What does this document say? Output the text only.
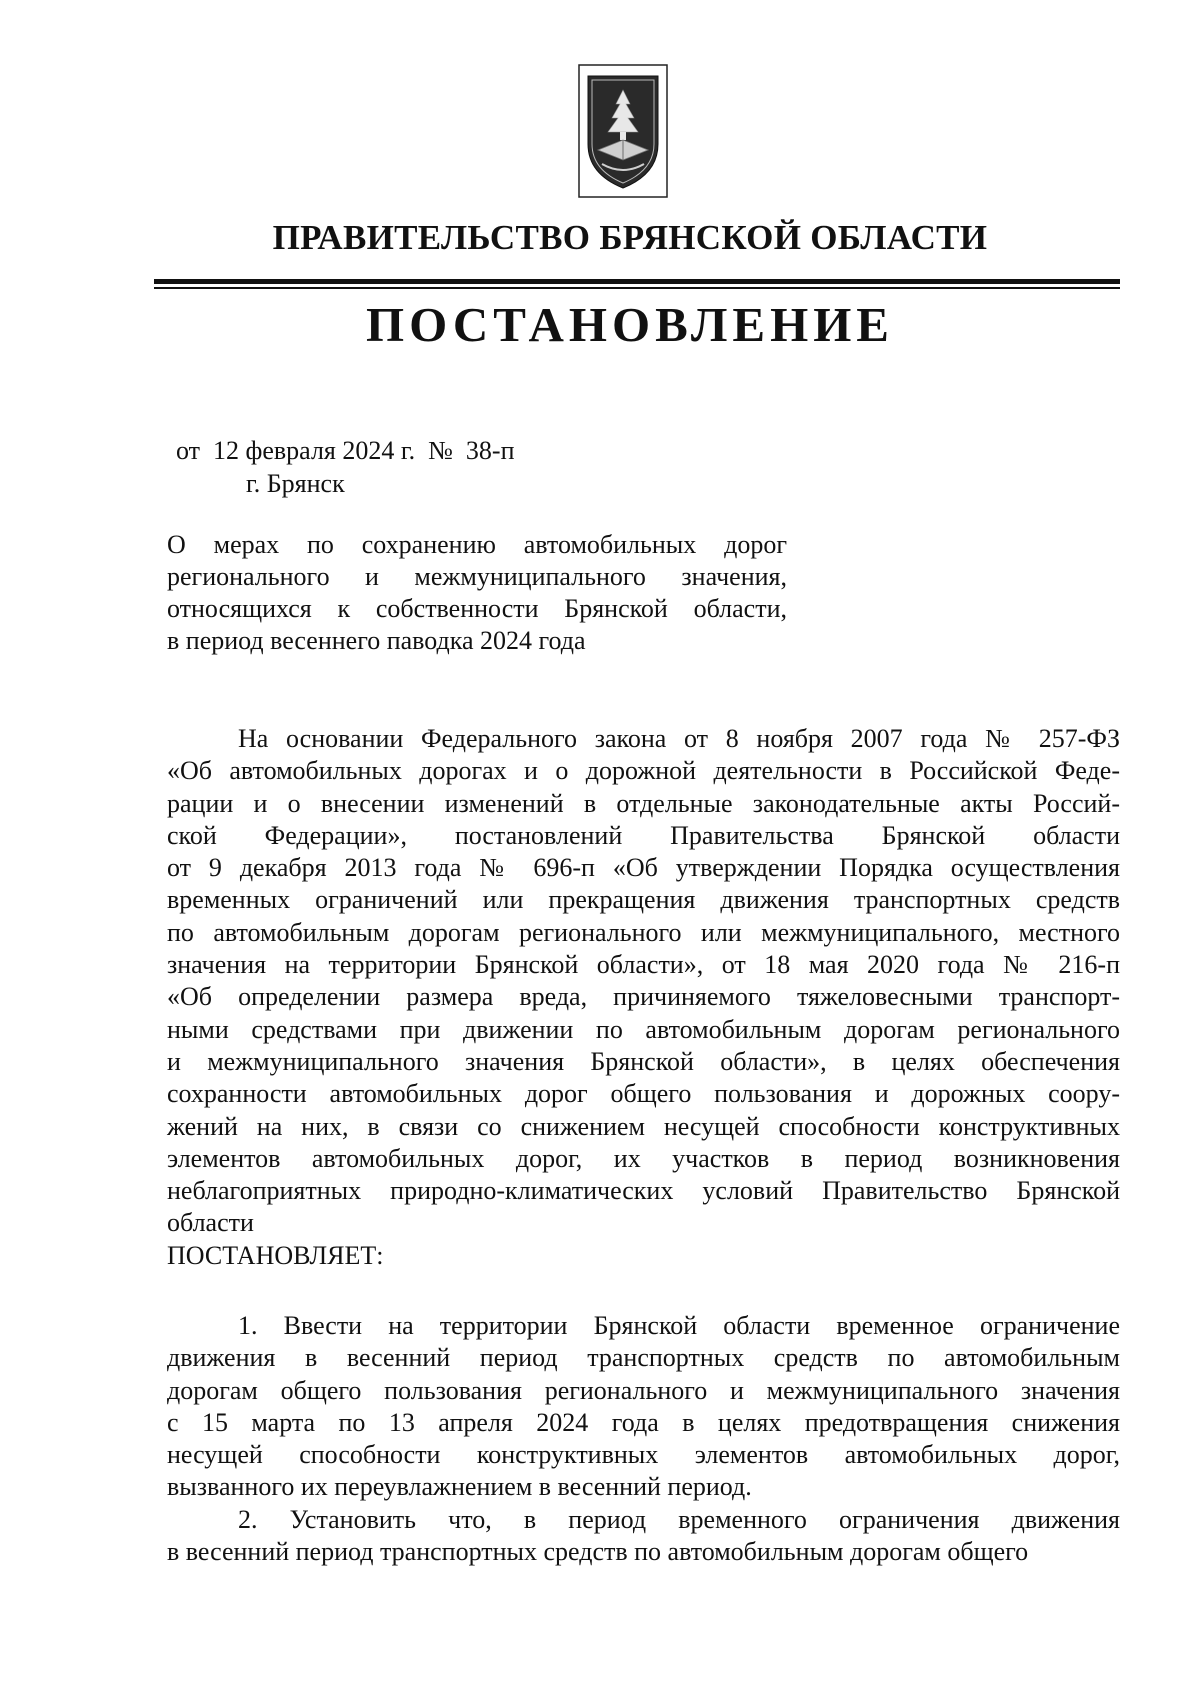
ПРАВИТЕЛЬСТВО БРЯНСКОЙ ОБЛАСТИ
ПОСТАНОВЛЕНИЕ
от  12 февраля 2024 г.  №  38-п
г. Брянск
О мерах по сохранению автомобильных дорог
регионального и межмуниципального значения,
относящихся к собственности Брянской области,
в период весеннего паводка 2024 года
На основании Федерального закона от 8 ноября 2007 года № 257-ФЗ
«Об автомобильных дорогах и о дорожной деятельности в Российской Феде-
рации и о внесении изменений в отдельные законодательные акты Россий-
ской Федерации», постановлений Правительства Брянской области
от 9 декабря 2013 года № 696-п «Об утверждении Порядка осуществления
временных ограничений или прекращения движения транспортных средств
по автомобильным дорогам регионального или межмуниципального, местного
значения на территории Брянской области», от 18 мая 2020 года № 216-п
«Об определении размера вреда, причиняемого тяжеловесными транспорт-
ными средствами при движении по автомобильным дорогам регионального
и межмуниципального значения Брянской области», в целях обеспечения
сохранности автомобильных дорог общего пользования и дорожных соору-
жений на них, в связи со снижением несущей способности конструктивных
элементов автомобильных дорог, их участков в период возникновения
неблагоприятных природно-климатических условий Правительство Брянской
области
ПОСТАНОВЛЯЕТ:
1. Ввести на территории Брянской области временное ограничение
движения в весенний период транспортных средств по автомобильным
дорогам общего пользования регионального и межмуниципального значения
с 15 марта по 13 апреля 2024 года в целях предотвращения снижения
несущей способности конструктивных элементов автомобильных дорог,
вызванного их переувлажнением в весенний период.
2. Установить что, в период временного ограничения движения
в весенний период транспортных средств по автомобильным дорогам общего
